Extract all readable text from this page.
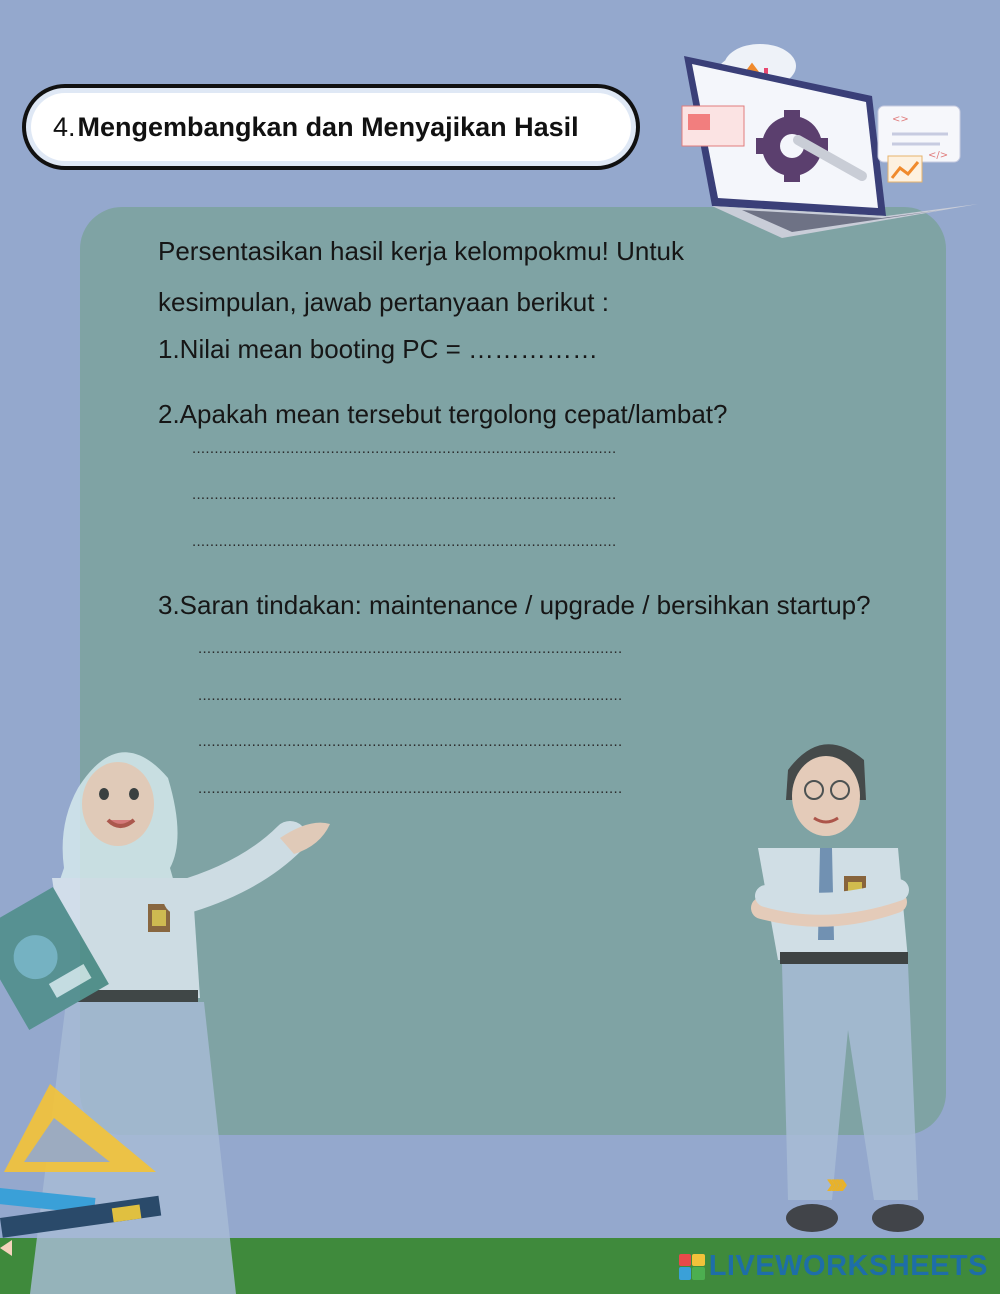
4. Mengembangkan dan Menyajikan Hasil	<>
</>
Persentasikan hasil kerja kelompokmu! Untuk
kesimpulan, jawab pertanyaan berikut :
1.Nilai mean booting PC = ……………
2.Apakah mean tersebut tergolong cepat/lambat?
...............................................................................................
...............................................................................................
...............................................................................................
3.Saran tindakan: maintenance / upgrade / bersihkan startup?
...............................................................................................
...............................................................................................
...............................................................................................
...............................................................................................
››››
LIVEWORKSHEETS
